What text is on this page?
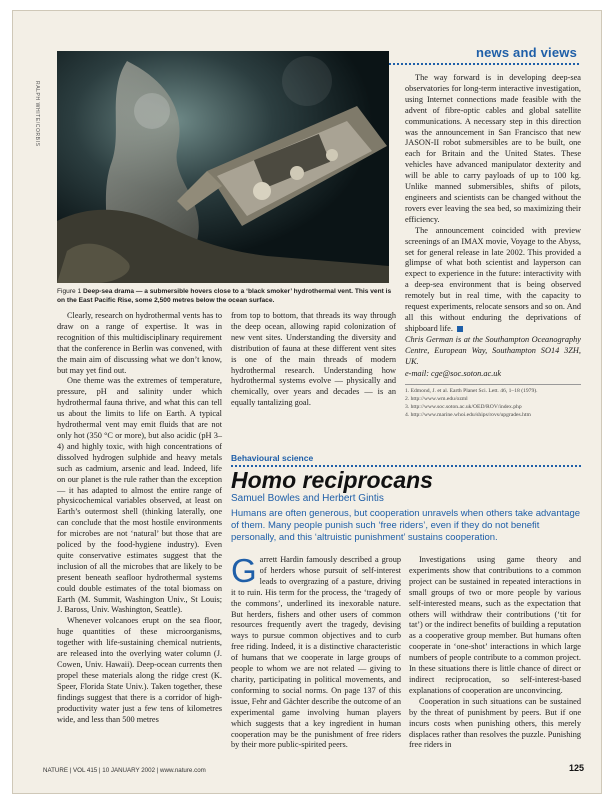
news and views
RALPH WHITE/CORBIS
Figure 1 Deep-sea drama — a submersible hovers close to a ‘black smoker’ hydrothermal vent. This vent is on the East Pacific Rise, some 2,500 metres below the ocean surface.

Clearly, research on hydrothermal vents has to draw on a range of expertise. It was in recognition of this multidisciplinary requirement that the conference in Berlin was convened, with the main aim of discussing what we don’t know, but may yet find out.

One theme was the extremes of temperature, pressure, pH and salinity under which hydrothermal fauna thrive, and what this can tell us about the limits to life on Earth. A typical hydrothermal vent may emit fluids that are not only hot (350 °C or more), but also acidic (pH 3–4) and highly toxic, with high concentrations of dissolved hydrogen sulphide and heavy metals such as cadmium, arsenic and lead. Indeed, life on our planet is the rule rather than the exception — it has adapted to almost the entire range of physicochemical variables observed, at least on Earth’s outermost shell (thinking laterally, one can conclude that the most hostile environments for microbes are not ‘natural’ but those that are policed by the food-hygiene industry). Even quite conservative estimates suggest that the inclusion of all the microbes that are likely to be present beneath seafloor hydrothermal systems could double estimates of the total biomass on Earth (M. Summit, Washington Univ., St Louis; J. Baross, Univ. Washington, Seattle).

Whenever volcanoes erupt on the sea floor, huge quantities of these microorganisms, together with life-sustaining chemical nutrients, are released into the overlying water column (J. Cowen, Univ. Hawaii). Deep-ocean currents then propel these materials along the ridge crest (K. Speer, Florida State Univ.). Taken together, these findings suggest that there is a corridor of high-productivity water just a few tens of kilometres wide, and less than 500 metres

from top to bottom, that threads its way through the deep ocean, allowing rapid colonization of new vent sites. Understanding the diversity and distribution of fauna at these different vent sites is one of the main threads of modern hydrothermal research. Understanding how hydrothermal systems evolve — physically and chemically, over years and decades — is an equally tantalizing goal.

The way forward is in developing deep-sea observatories for long-term interactive investigation, using Internet connections made feasible with the advent of fibre-optic cables and global satellite communications. A necessary step in this direction was the announcement in San Francisco that new JASON-II robot submersibles are to be built, one each for Britain and the United States. These vehicles have advanced manipulator dexterity and will be able to carry payloads of up to 100 kg. Unlike manned submersibles, shifts of pilots, engineers and scientists can be changed without the rovers ever leaving the sea bed, so maximizing their efficiency.

The announcement coincided with preview screenings of an IMAX movie, Voyage to the Abyss, set for general release in late 2002. This provided a glimpse of what both scientist and layperson can expect to experience in the future: interactivity with a deep-sea environment that is being observed remotely but in real time, with the capacity to request experiments, relocate sensors and so on. And all this without enduring the deprivations of shipboard life.

Chris German is at the Southampton Oceanography Centre, European Way, Southampton SO14 3ZH, UK.

e-mail: cge@soc.soton.ac.uk

1. Edmond, J. et al. Earth Planet Sci. Lett. 46, 1–18 (1979).
2. http://www.wm.edu/ozml
3. http://www.soc.soton.ac.uk/OED/ROV/index.php
4. http://www.marine.whoi.edu/ships/rovs/upgrades.htm
Behavioural science
Homo reciprocans
Samuel Bowles and Herbert Gintis
Humans are often generous, but cooperation unravels when others take advantage of them. Many people punish such ‘free riders’, even if they do not benefit personally, and this ‘altruistic punishment’ sustains cooperation.

Garrett Hardin famously described a group of herders whose pursuit of self-interest leads to overgrazing of a pasture, driving it to ruin. His term for the process, the ‘tragedy of the commons’, underlined its inexorable nature. But herders, fishers and other users of common resources frequently avert the tragedy, devising ways to pursue common objectives and to curb free riding. Indeed, it is a distinctive characteristic of humans that we cooperate in large groups of people to whom we are not related — giving to charity, participating in political movements, and conforming to social norms. On page 137 of this issue, Fehr and Gächter describe the outcome of an experimental game involving human players which suggests that a key ingredient in human cooperation may be the punishment of free riders by their more public-spirited peers.

Investigations using game theory and experiments show that contributions to a common project can be sustained in repeated interactions in small groups of two or more people by various self-interested means, such as the expectation that others will withdraw their contributions (‘tit for tat’) or the indirect benefits of building a reputation as a cooperative group member. But humans often cooperate in ‘one-shot’ interactions in which large numbers of people contribute to a common project. In these situations there is little chance of direct or indirect reciprocation, so self-interest-based explanations of cooperation are unconvincing.

Cooperation in such situations can be sustained by the threat of punishment by peers. But if one incurs costs when punishing others, this merely displaces rather than resolves the puzzle. Punishing free riders in

NATURE | VOL 415 | 10 JANUARY 2002 | www.nature.com	125
